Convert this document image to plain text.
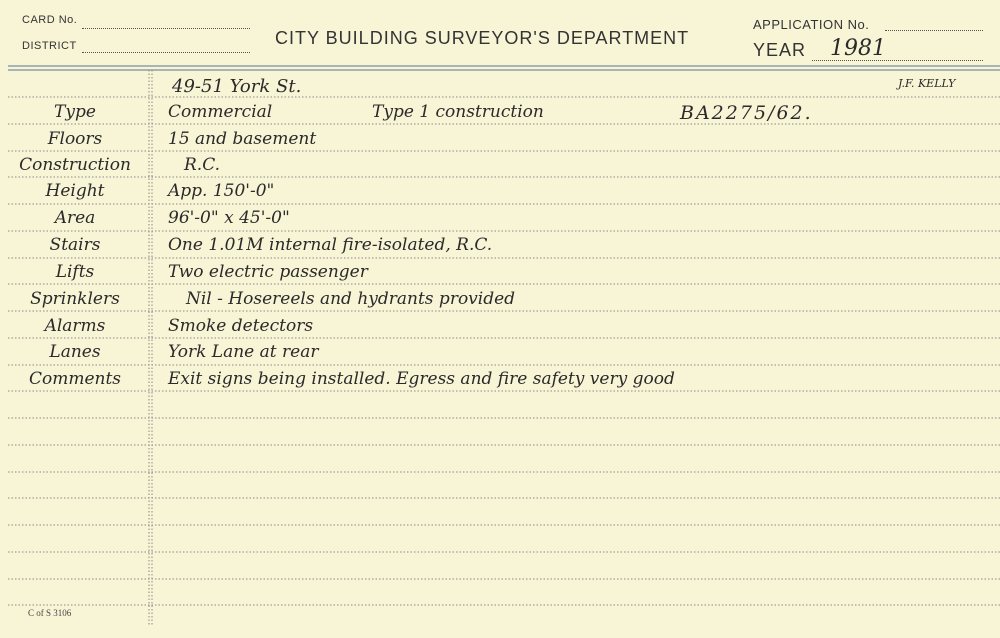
CARD No.
DISTRICT	CITY BUILDING SURVEYOR'S DEPARTMENT
APPLICATION No.
YEAR 1981
J.F. KELLY
49-51 York St.
Type	Commercial	Type 1 construction	BA2275/62.
Floors	15 and basement
Construction	R.C.
Height	App. 150'-0"
Area	96'-0" x 45'-0"
Stairs	One 1.01M internal fire-isolated, R.C.
Lifts	Two electric passenger
Sprinklers	Nil - Hosereels and hydrants provided
Alarms	Smoke detectors
Lanes	York Lane at rear
Comments	Exit signs being installed. Egress and fire safety very good
C of S 3106
